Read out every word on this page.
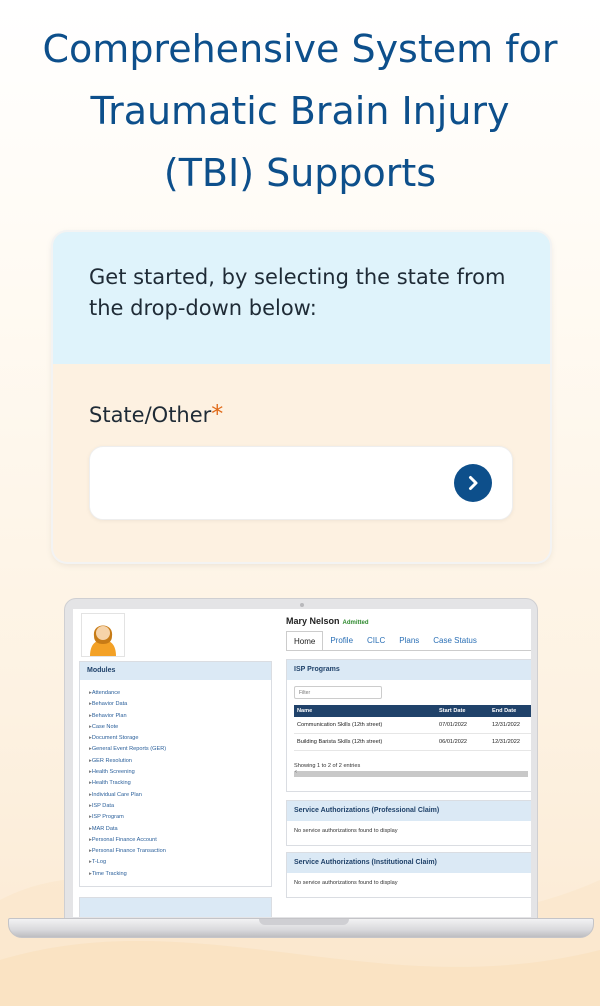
Comprehensive System for
Traumatic Brain Injury
(TBI) Supports

Get started, by selecting the state from the drop-down below:

State/Other*
Mary Nelson Admitted
Home	Profile	CILC	Plans	Case Status
Modules
▸ Attendance
▸ Behavior Data
▸ Behavior Plan
▸ Case Note
▸ Document Storage
▸ General Event Reports (GER)
▸ GER Resolution
▸ Health Screening
▸ Health Tracking
▸ Individual Care Plan
▸ ISP Data
▸ ISP Program
▸ MAR Data
▸ Personal Finance Account
▸ Personal Finance Transaction
▸ T-Log
▸ Time Tracking
ISP Programs
Filter
Name	Start Date	End Date
Communication Skills (12th street)	07/01/2022	12/31/2022
Building Barista Skills (12th street)	06/01/2022	12/31/2022
Showing 1 to 2 of 2 entries
‹
Service Authorizations (Professional Claim)
No service authorizations found to display
Service Authorizations (Institutional Claim)
No service authorizations found to display
